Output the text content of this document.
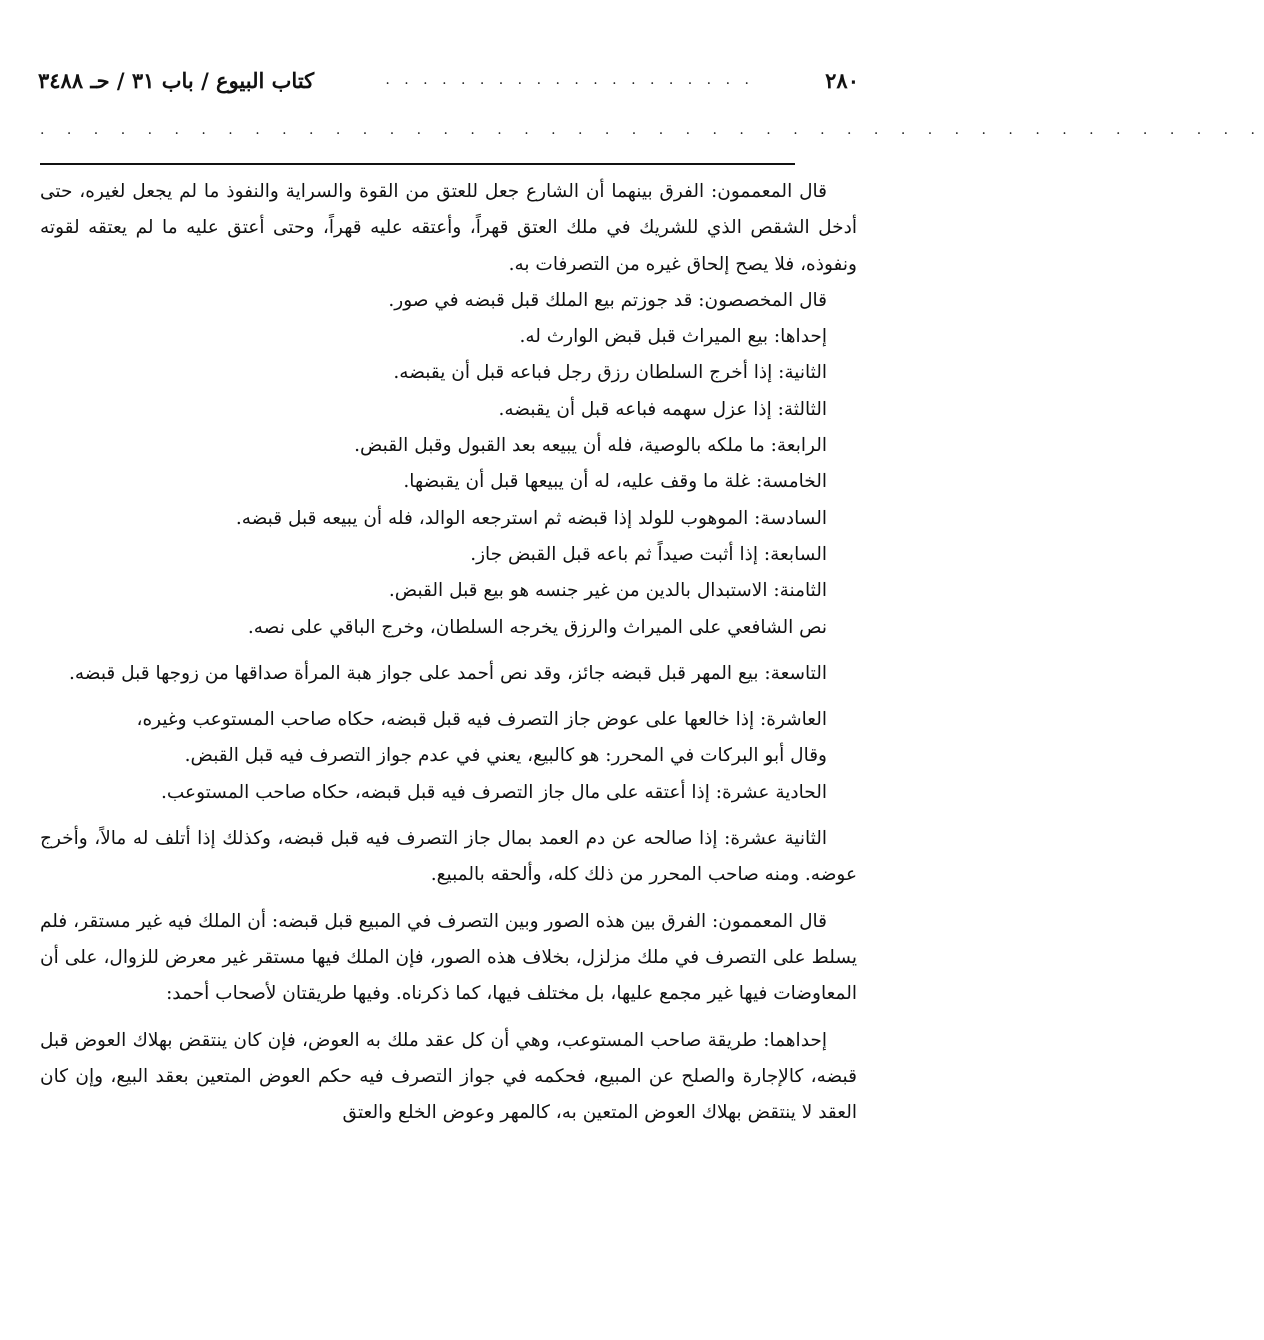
٢٨٠
. . . . . . . . . . . . . . . . . . . .
كتاب البيوع / باب ٣١ / حـ ٣٤٨٨
. . . . . . . . . . . . . . . . . . . . . . . . . . . . . . . . . . . . . . . . . . . . . .

قال المعممون: الفرق بينهما أن الشارع جعل للعتق من القوة والسراية والنفوذ ما لم يجعل لغيره، حتى أدخل الشقص الذي للشريك في ملك العتق قهراً، وأعتقه عليه قهراً، وحتى أعتق عليه ما لم يعتقه لقوته ونفوذه، فلا يصح إلحاق غيره من التصرفات به.

قال المخصصون: قد جوزتم بيع الملك قبل قبضه في صور.

إحداها: بيع الميراث قبل قبض الوارث له.

الثانية: إذا أخرج السلطان رزق رجل فباعه قبل أن يقبضه.

الثالثة: إذا عزل سهمه فباعه قبل أن يقبضه.

الرابعة: ما ملكه بالوصية، فله أن يبيعه بعد القبول وقبل القبض.

الخامسة: غلة ما وقف عليه، له أن يبيعها قبل أن يقبضها.

السادسة: الموهوب للولد إذا قبضه ثم استرجعه الوالد، فله أن يبيعه قبل قبضه.

السابعة: إذا أثبت صيداً ثم باعه قبل القبض جاز.

الثامنة: الاستبدال بالدين من غير جنسه هو بيع قبل القبض.

نص الشافعي على الميراث والرزق يخرجه السلطان، وخرج الباقي على نصه.

التاسعة: بيع المهر قبل قبضه جائز، وقد نص أحمد على جواز هبة المرأة صداقها من زوجها قبل قبضه.

العاشرة: إذا خالعها على عوض جاز التصرف فيه قبل قبضه، حكاه صاحب المستوعب وغيره،

وقال أبو البركات في المحرر: هو كالبيع، يعني في عدم جواز التصرف فيه قبل القبض.

الحادية عشرة: إذا أعتقه على مال جاز التصرف فيه قبل قبضه، حكاه صاحب المستوعب.

الثانية عشرة: إذا صالحه عن دم العمد بمال جاز التصرف فيه قبل قبضه، وكذلك إذا أتلف له مالاً، وأخرج عوضه. ومنه صاحب المحرر من ذلك كله، وألحقه بالمبيع.

قال المعممون: الفرق بين هذه الصور وبين التصرف في المبيع قبل قبضه: أن الملك فيه غير مستقر، فلم يسلط على التصرف في ملك مزلزل، بخلاف هذه الصور، فإن الملك فيها مستقر غير معرض للزوال، على أن المعاوضات فيها غير مجمع عليها، بل مختلف فيها، كما ذكرناه. وفيها طريقتان لأصحاب أحمد:

إحداهما: طريقة صاحب المستوعب، وهي أن كل عقد ملك به العوض، فإن كان ينتقض بهلاك العوض قبل قبضه، كالإجارة والصلح عن المبيع، فحكمه في جواز التصرف فيه حكم العوض المتعين بعقد البيع، وإن كان العقد لا ينتقض بهلاك العوض المتعين به، كالمهر وعوض الخلع والعتق
